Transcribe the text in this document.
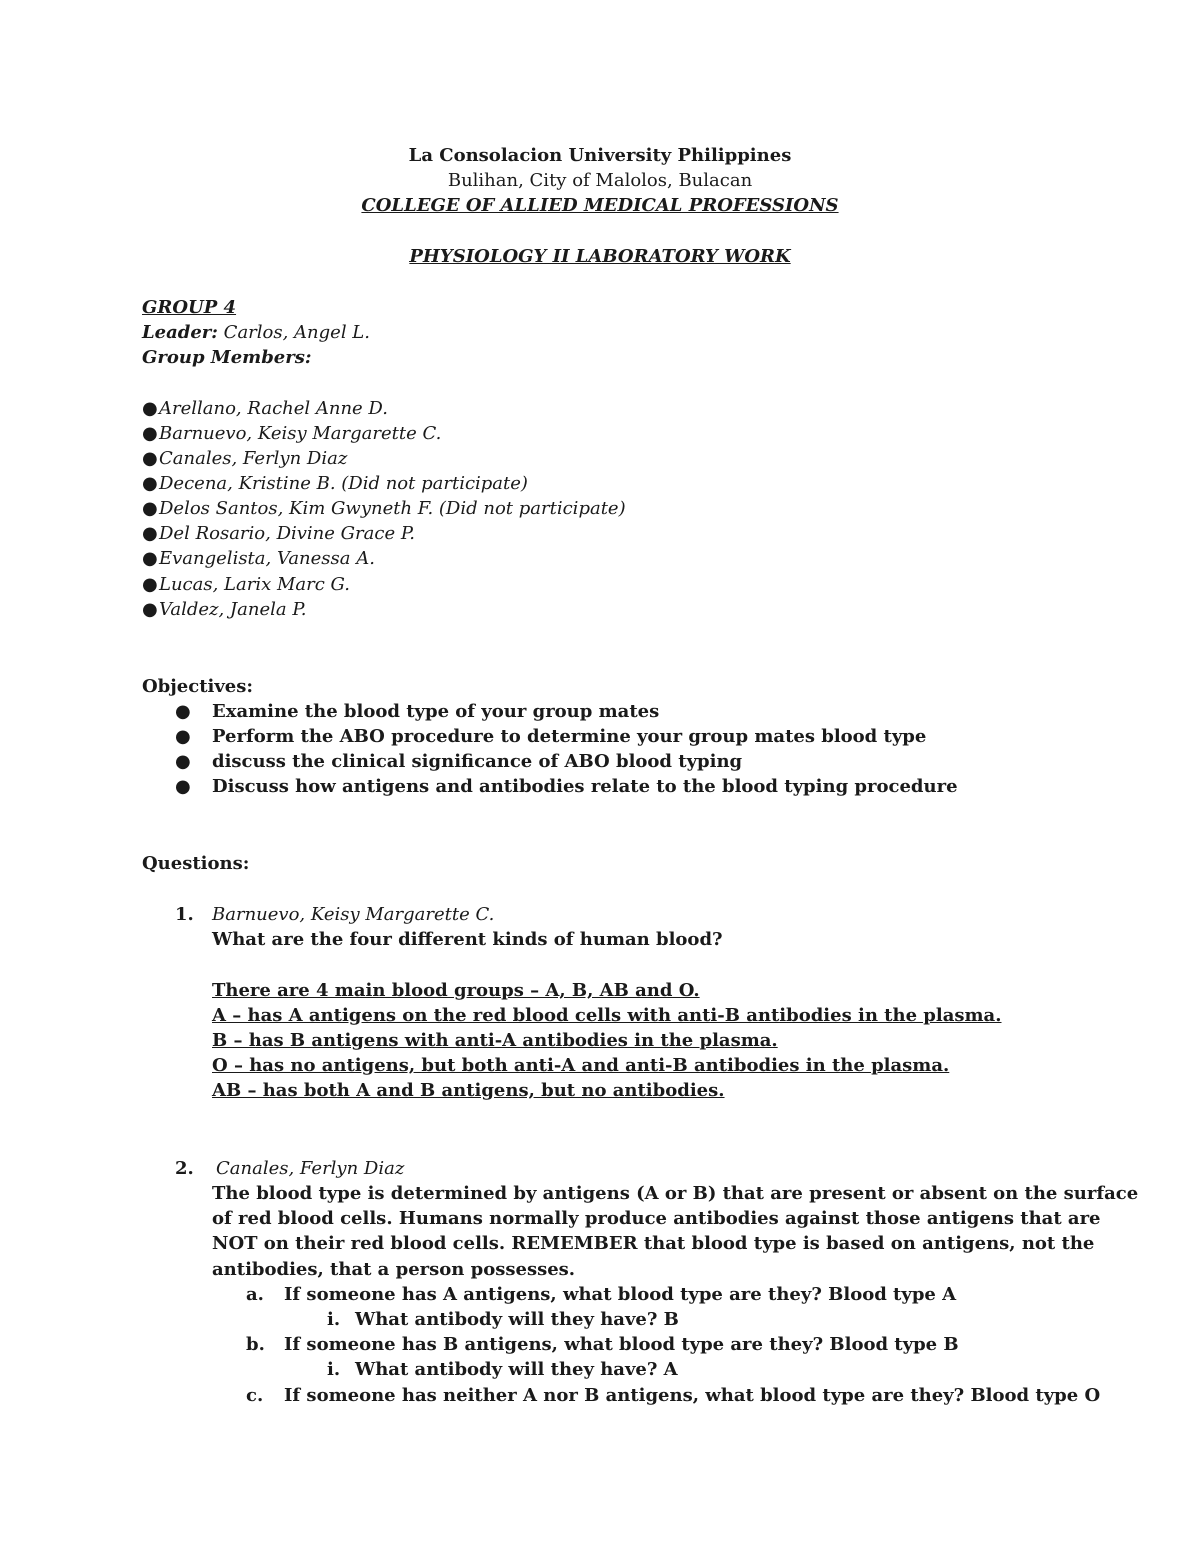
La Consolacion University Philippines
Bulihan, City of Malolos, Bulacan
COLLEGE OF ALLIED MEDICAL PROFESSIONS
PHYSIOLOGY II LABORATORY WORK
GROUP 4
Leader: Carlos, Angel L.
Group Members:
●Arellano, Rachel Anne D.
●Barnuevo, Keisy Margarette C.
●Canales, Ferlyn Diaz
●Decena, Kristine B. (Did not participate)
●Delos Santos, Kim Gwyneth F. (Did not participate)
●Del Rosario, Divine Grace P.
●Evangelista, Vanessa A.
●Lucas, Larix Marc G.
●Valdez, Janela P.
Objectives:
● Examine the blood type of your group mates
● Perform the ABO procedure to determine your group mates blood type
● discuss the clinical significance of ABO blood typing
● Discuss how antigens and antibodies relate to the blood typing procedure
Questions:
1. Barnuevo, Keisy Margarette C.
What are the four different kinds of human blood?
There are 4 main blood groups – A, B, AB and O.
A – has A antigens on the red blood cells with anti-B antibodies in the plasma.
B – has B antigens with anti-A antibodies in the plasma.
O – has no antigens, but both anti-A and anti-B antibodies in the plasma.
AB – has both A and B antigens, but no antibodies.
2. Canales, Ferlyn Diaz
The blood type is determined by antigens (A or B) that are present or absent on the surface
of red blood cells. Humans normally produce antibodies against those antigens that are
NOT on their red blood cells. REMEMBER that blood type is based on antigens, not the
antibodies, that a person possesses.
a. If someone has A antigens, what blood type are they? Blood type A
i. What antibody will they have? B
b. If someone has B antigens, what blood type are they? Blood type B
i. What antibody will they have? A
c. If someone has neither A nor B antigens, what blood type are they? Blood type O
